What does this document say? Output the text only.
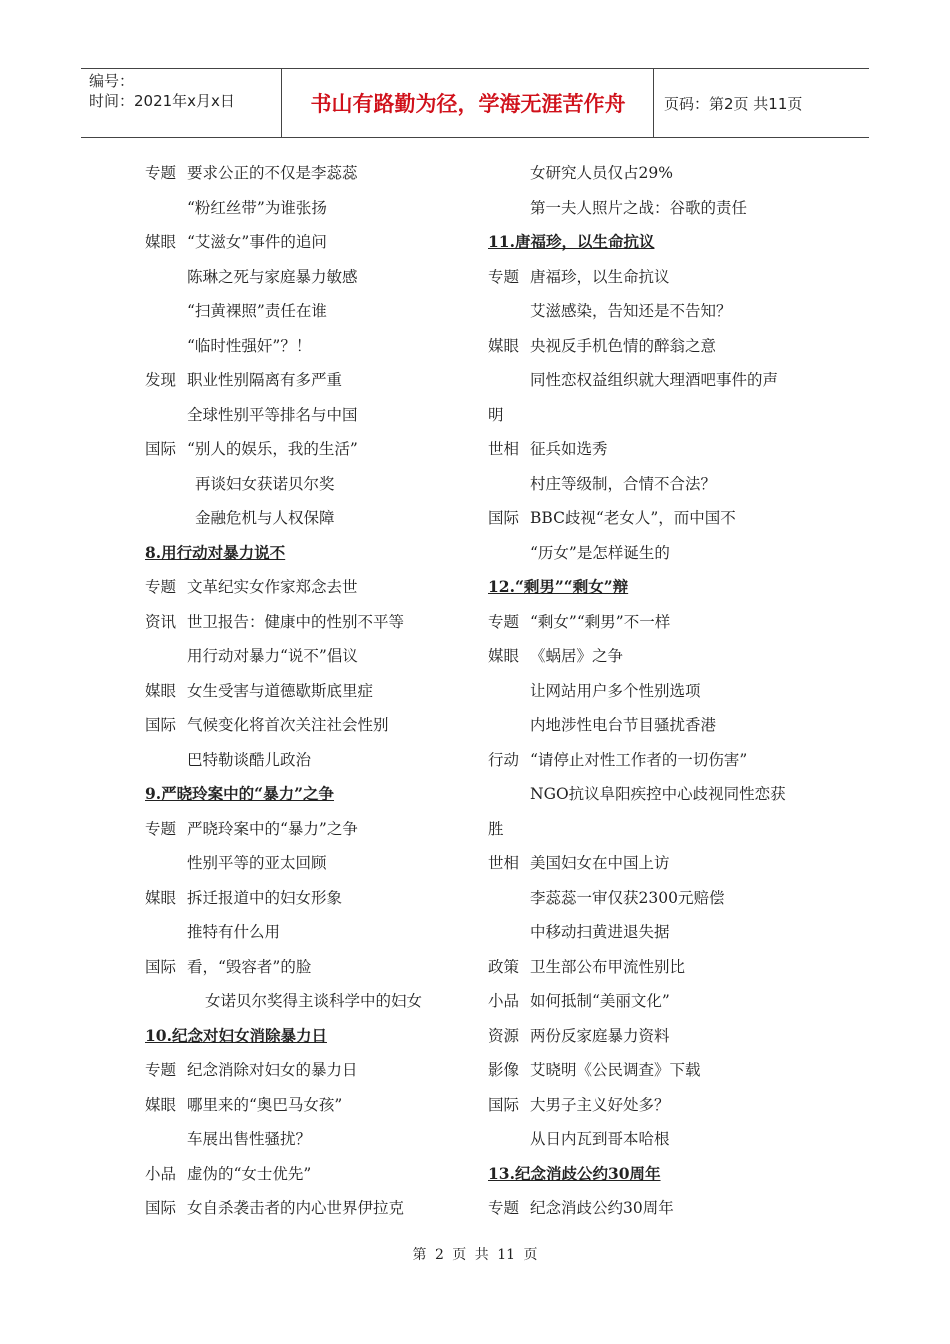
编号：
时间：2021年x月x日	书山有路勤为径，学海无涯苦作舟	页码：第2页 共11页
专题 要求公正的不仅是李蕊蕊
“粉红丝带”为谁张扬
媒眼 “艾滋女”事件的追问
陈琳之死与家庭暴力敏感
“扫黄裸照”责任在谁
“临时性强奸”？！
发现 职业性别隔离有多严重
全球性别平等排名与中国
国际 “别人的娱乐，我的生活”
再谈妇女获诺贝尔奖
金融危机与人权保障
8.用行动对暴力说不
专题 文革纪实女作家郑念去世
资讯 世卫报告：健康中的性别不平等
用行动对暴力“说不”倡议
媒眼 女生受害与道德歇斯底里症
国际 气候变化将首次关注社会性别
巴特勒谈酷儿政治
9.严晓玲案中的“暴力”之争
专题 严晓玲案中的“暴力”之争
性别平等的亚太回顾
媒眼 拆迁报道中的妇女形象
推特有什么用
国际 看，“毁容者”的脸
女诺贝尔奖得主谈科学中的妇女
10.纪念对妇女消除暴力日
专题 纪念消除对妇女的暴力日
媒眼 哪里来的“奥巴马女孩”
车展出售性骚扰？
小品 虚伪的“女士优先”
国际 女自杀袭击者的内心世界伊拉克
女研究人员仅占29%
第一夫人照片之战：谷歌的责任
11.唐福珍，以生命抗议
专题 唐福珍，以生命抗议
艾滋感染，告知还是不告知？
媒眼 央视反手机色情的醉翁之意
同性恋权益组织就大理酒吧事件的声
明
世相 征兵如选秀
村庄等级制，合情不合法？
国际 BBC歧视“老女人”，而中国不
“历女”是怎样诞生的
12.“剩男”“剩女”辩
专题 “剩女”“剩男”不一样
媒眼 《蜗居》之争
让网站用户多个性别选项
内地涉性电台节目骚扰香港
行动 “请停止对性工作者的一切伤害”
NGO抗议阜阳疾控中心歧视同性恋获
胜
世相 美国妇女在中国上访
李蕊蕊一审仅获2300元赔偿
中移动扫黄进退失据
政策 卫生部公布甲流性别比
小品 如何抵制“美丽文化”
资源 两份反家庭暴力资料
影像 艾晓明《公民调查》下载
国际 大男子主义好处多？
从日内瓦到哥本哈根
13.纪念消歧公约30周年
专题 纪念消歧公约30周年
第 2 页 共 11 页
